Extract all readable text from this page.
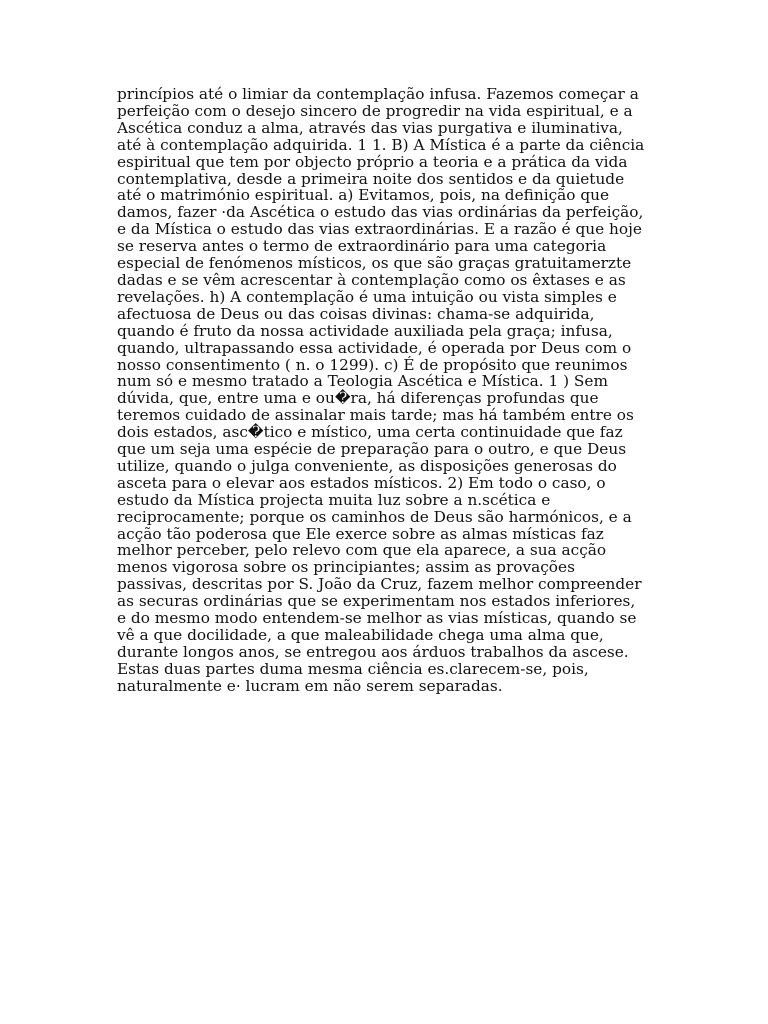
princípios até o limiar da contemplação infusa. Fazemos começar a
perfeição com o desejo sincero de progredir na vida espiritual, e a
Ascética conduz a alma, através das vias purgativa e iluminativa,
até à contemplação adquirida. 1 1. B) A Mística é a parte da ciência
espiritual que tem por objecto próprio a teoria e a prática da vida
contemplativa, desde a primeira noite dos sentidos e da quietude
até o matrimónio espiritual. a) Evitamos, pois, na definição que
damos, fazer ·da Ascética o estudo das vias ordinárias da perfeição,
e da Mística o estudo das vias extraordinárias. E a razão é que hoje
se reserva antes o termo de extraordinário para uma categoria
especial de fenómenos místicos, os que são graças gratuitamerzte
dadas e se vêm acrescentar à contemplação como os êxtases e as
revelações. h) A contemplação é uma intuição ou vista simples e
afectuosa de Deus ou das coisas divinas: chama-se adquirida,
quando é fruto da nossa actividade auxiliada pela graça; infusa,
quando, ultrapassando essa actividade, é operada por Deus com o
nosso consentimento ( n. o 1299). c) É de propósito que reunimos
num só e mesmo tratado a Teologia Ascética e Mística. 1 ) Sem
dúvida, que, entre uma e ou�ra, há diferenças profundas que
teremos cuidado de assinalar mais tarde; mas há também entre os
dois estados, asc�tico e místico, uma certa continuidade que faz
que um seja uma espécie de preparação para o outro, e que Deus
utilize, quando o julga conveniente, as disposições generosas do
asceta para o elevar aos estados místicos. 2) Em todo o caso, o
estudo da Mística projecta muita luz sobre a n.scética e
reciprocamente; porque os caminhos de Deus são harmónicos, e a
acção tão poderosa que Ele exerce sobre as almas místicas faz
melhor perceber, pelo relevo com que ela aparece, a sua acção
menos vigorosa sobre os principiantes; assim as provações
passivas, descritas por S. João da Cruz, fazem melhor compreender
as securas ordinárias que se experimentam nos estados inferiores,
e do mesmo modo entendem-se melhor as vias místicas, quando se
vê a que docilidade, a que maleabilidade chega uma alma que,
durante longos anos, se entregou aos árduos trabalhos da ascese.
Estas duas partes duma mesma ciência es.clarecem-se, pois,
naturalmente e· lucram em não serem separadas.
